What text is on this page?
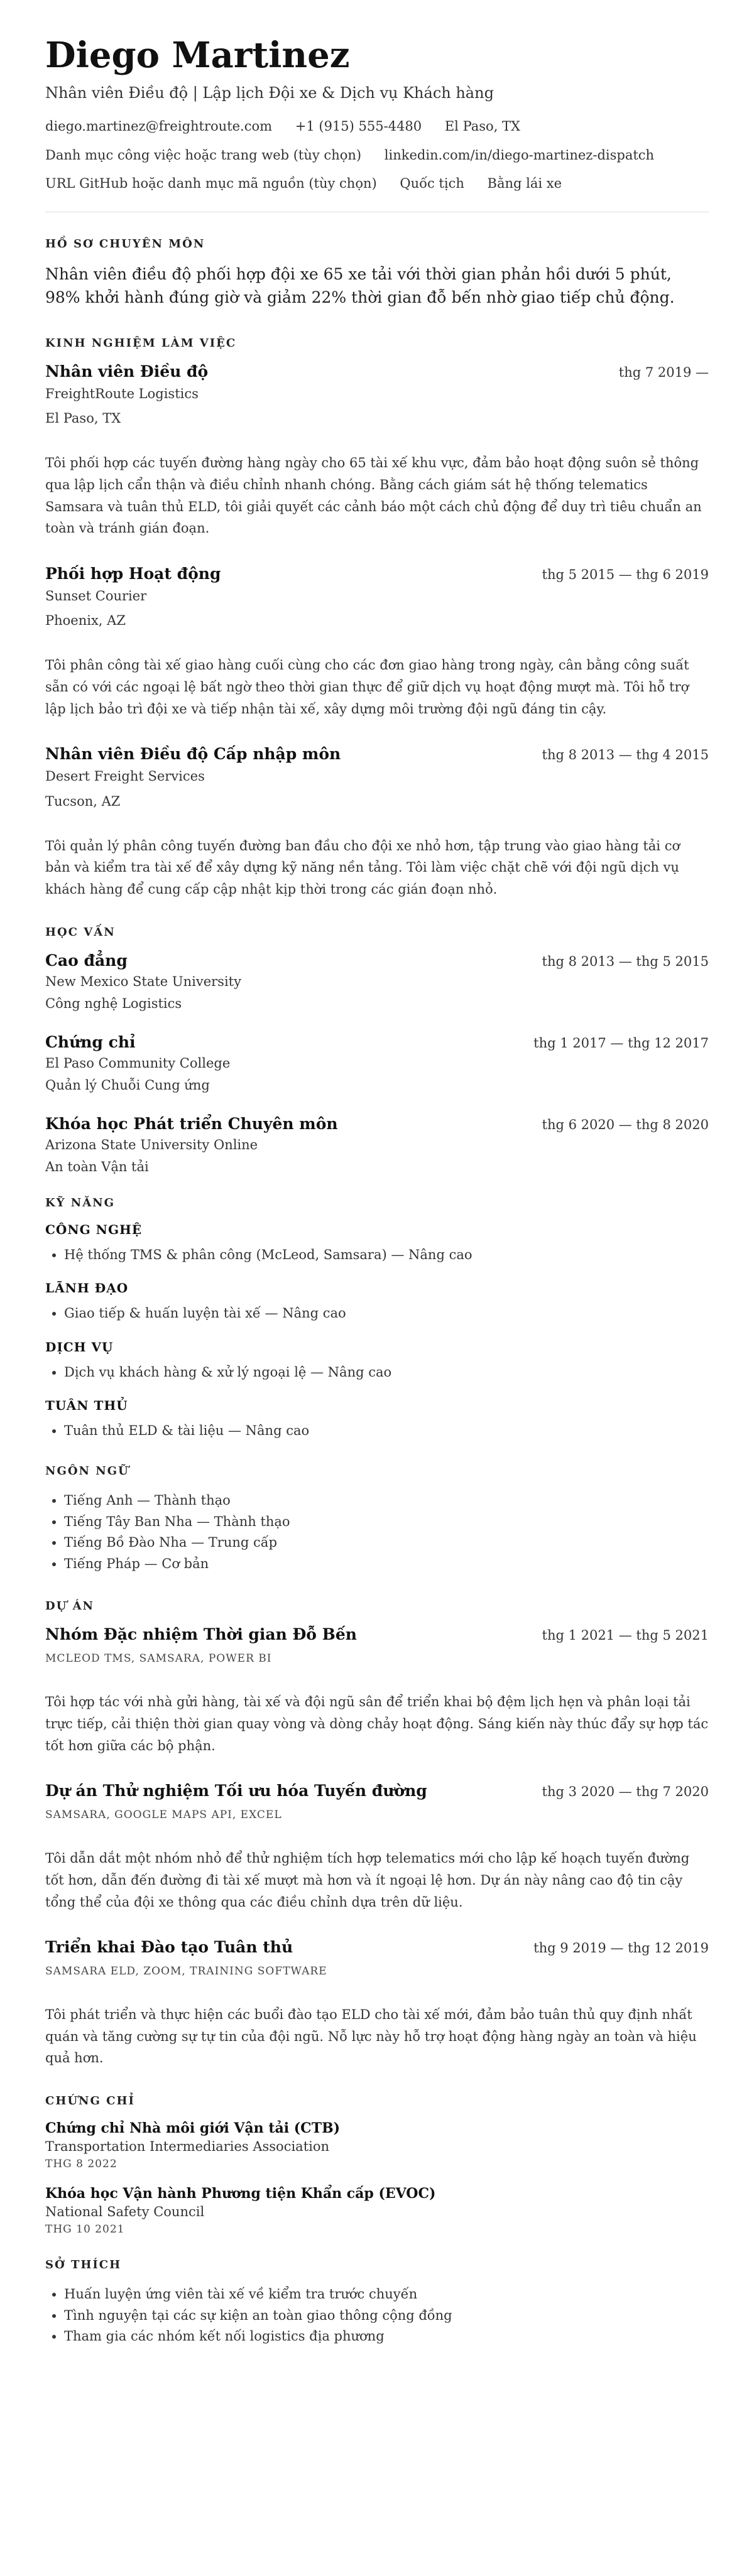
Diego Martinez
Nhân viên Điều độ | Lập lịch Đội xe & Dịch vụ Khách hàng
diego.martinez@freightroute.com +1 (915) 555-4480 El Paso, TX
Danh mục công việc hoặc trang web (tùy chọn) linkedin.com/in/diego-martinez-dispatch
URL GitHub hoặc danh mục mã nguồn (tùy chọn) Quốc tịch Bằng lái xe
HỒ SƠ CHUYÊN MÔN

Nhân viên điều độ phối hợp đội xe 65 xe tải với thời gian phản hồi dưới 5 phút, 98% khởi hành đúng giờ và giảm 22% thời gian đỗ bến nhờ giao tiếp chủ động.

KINH NGHIỆM LÀM VIỆC
Nhân viên Điều độ	thg 7 2019 —
FreightRoute Logistics
El Paso, TX
Tôi phối hợp các tuyến đường hàng ngày cho 65 tài xế khu vực, đảm bảo hoạt động suôn sẻ thông qua lập lịch cẩn thận và điều chỉnh nhanh chóng. Bằng cách giám sát hệ thống telematics Samsara và tuân thủ ELD, tôi giải quyết các cảnh báo một cách chủ động để duy trì tiêu chuẩn an toàn và tránh gián đoạn.
Phối hợp Hoạt động	thg 5 2015 — thg 6 2019
Sunset Courier
Phoenix, AZ
Tôi phân công tài xế giao hàng cuối cùng cho các đơn giao hàng trong ngày, cân bằng công suất sẵn có với các ngoại lệ bất ngờ theo thời gian thực để giữ dịch vụ hoạt động mượt mà. Tôi hỗ trợ lập lịch bảo trì đội xe và tiếp nhận tài xế, xây dựng môi trường đội ngũ đáng tin cậy.
Nhân viên Điều độ Cấp nhập môn	thg 8 2013 — thg 4 2015
Desert Freight Services
Tucson, AZ
Tôi quản lý phân công tuyến đường ban đầu cho đội xe nhỏ hơn, tập trung vào giao hàng tải cơ bản và kiểm tra tài xế để xây dựng kỹ năng nền tảng. Tôi làm việc chặt chẽ với đội ngũ dịch vụ khách hàng để cung cấp cập nhật kịp thời trong các gián đoạn nhỏ.
HỌC VẤN
Cao đẳng	thg 8 2013 — thg 5 2015
New Mexico State University
Công nghệ Logistics
Chứng chỉ	thg 1 2017 — thg 12 2017
El Paso Community College
Quản lý Chuỗi Cung ứng
Khóa học Phát triển Chuyên môn	thg 6 2020 — thg 8 2020
Arizona State University Online
An toàn Vận tải
KỸ NĂNG
CÔNG NGHỆ
• Hệ thống TMS & phân công (McLeod, Samsara) — Nâng cao
LÃNH ĐẠO
• Giao tiếp & huấn luyện tài xế — Nâng cao
DỊCH VỤ
• Dịch vụ khách hàng & xử lý ngoại lệ — Nâng cao
TUÂN THỦ
• Tuân thủ ELD & tài liệu — Nâng cao
NGÔN NGỮ
• Tiếng Anh — Thành thạo
• Tiếng Tây Ban Nha — Thành thạo
• Tiếng Bồ Đào Nha — Trung cấp
• Tiếng Pháp — Cơ bản
DỰ ÁN
Nhóm Đặc nhiệm Thời gian Đỗ Bến	thg 1 2021 — thg 5 2021
MCLEOD TMS, SAMSARA, POWER BI
Tôi hợp tác với nhà gửi hàng, tài xế và đội ngũ sân để triển khai bộ đệm lịch hẹn và phân loại tải trực tiếp, cải thiện thời gian quay vòng và dòng chảy hoạt động. Sáng kiến này thúc đẩy sự hợp tác tốt hơn giữa các bộ phận.
Dự án Thử nghiệm Tối ưu hóa Tuyến đường	thg 3 2020 — thg 7 2020
SAMSARA, GOOGLE MAPS API, EXCEL
Tôi dẫn dắt một nhóm nhỏ để thử nghiệm tích hợp telematics mới cho lập kế hoạch tuyến đường tốt hơn, dẫn đến đường đi tài xế mượt mà hơn và ít ngoại lệ hơn. Dự án này nâng cao độ tin cậy tổng thể của đội xe thông qua các điều chỉnh dựa trên dữ liệu.
Triển khai Đào tạo Tuân thủ	thg 9 2019 — thg 12 2019
SAMSARA ELD, ZOOM, TRAINING SOFTWARE
Tôi phát triển và thực hiện các buổi đào tạo ELD cho tài xế mới, đảm bảo tuân thủ quy định nhất quán và tăng cường sự tự tin của đội ngũ. Nỗ lực này hỗ trợ hoạt động hàng ngày an toàn và hiệu quả hơn.
CHỨNG CHỈ
Chứng chỉ Nhà môi giới Vận tải (CTB)
Transportation Intermediaries Association
THG 8 2022
Khóa học Vận hành Phương tiện Khẩn cấp (EVOC)
National Safety Council
THG 10 2021
SỞ THÍCH
• Huấn luyện ứng viên tài xế về kiểm tra trước chuyến
• Tình nguyện tại các sự kiện an toàn giao thông cộng đồng
• Tham gia các nhóm kết nối logistics địa phương
